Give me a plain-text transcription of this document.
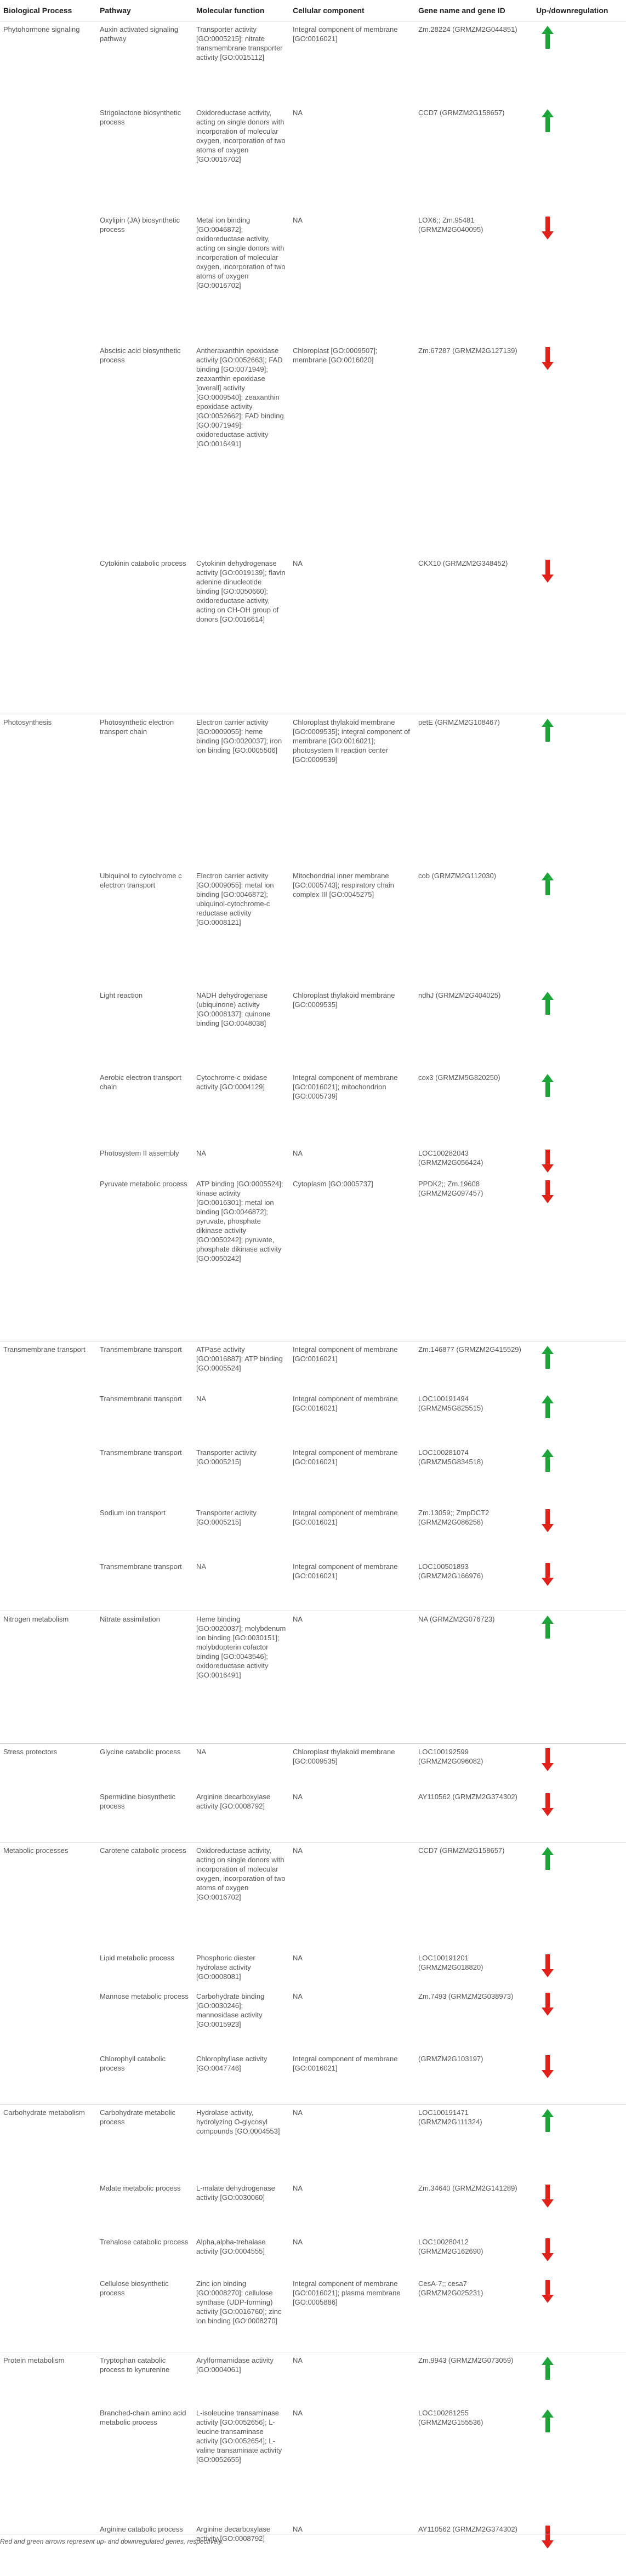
Biological Process	Pathway	Molecular function	Cellular component	Gene name and gene ID	Up-/downregulation
Phytohormone signaling	Auxin activated signaling pathway	Transporter activity [GO:0005215]; nitrate transmembrane transporter activity [GO:0015112]	Integral component of membrane [GO:0016021]	Zm.28224 (GRMZM2G044851)	

	Strigolactone biosynthetic process	Oxidoreductase activity, acting on single donors with incorporation of molecular oxygen, incorporation of two atoms of oxygen [GO:0016702]	NA	CCD7 (GRMZM2G158657)	

	Oxylipin (JA) biosynthetic process	Metal ion binding [GO:0046872]; oxidoreductase activity, acting on single donors with incorporation of molecular oxygen, incorporation of two atoms of oxygen [GO:0016702]	NA	LOX6;; Zm.95481 (GRMZM2G040095)	

	Abscisic acid biosynthetic process	Antheraxanthin epoxidase activity [GO:0052663]; FAD binding [GO:0071949]; zeaxanthin epoxidase [overall] activity [GO:0009540]; zeaxanthin epoxidase activity [GO:0052662]; FAD binding [GO:0071949]; oxidoreductase activity [GO:0016491]	Chloroplast [GO:0009507]; membrane [GO:0016020]	Zm.67287 (GRMZM2G127139)	

	Cytokinin catabolic process	Cytokinin dehydrogenase activity [GO:0019139]; flavin adenine dinucleotide binding [GO:0050660]; oxidoreductase activity, acting on CH-OH group of donors [GO:0016614]	NA	CKX10 (GRMZM2G348452)	

Photosynthesis	Photosynthetic electron transport chain	Electron carrier activity [GO:0009055]; heme binding [GO:0020037]; iron ion binding [GO:0005506]	Chloroplast thylakoid membrane [GO:0009535]; integral component of membrane [GO:0016021]; photosystem II reaction center [GO:0009539]	petE (GRMZM2G108467)	

	Ubiquinol to cytochrome c electron transport	Electron carrier activity [GO:0009055]; metal ion binding [GO:0046872]; ubiquinol-cytochrome-c reductase activity [GO:0008121]	Mitochondrial inner membrane [GO:0005743]; respiratory chain complex III [GO:0045275]	cob (GRMZM2G112030)	

	Light reaction	NADH dehydrogenase (ubiquinone) activity [GO:0008137]; quinone binding [GO:0048038]	Chloroplast thylakoid membrane [GO:0009535]	ndhJ (GRMZM2G404025)	

	Aerobic electron transport chain	Cytochrome-c oxidase activity [GO:0004129]	Integral component of membrane [GO:0016021]; mitochondrion [GO:0005739]	cox3 (GRMZM5G820250)	

	Photosystem II assembly	NA	NA	LOC100282043 (GRMZM2G056424)	

	Pyruvate metabolic process	ATP binding [GO:0005524]; kinase activity [GO:0016301]; metal ion binding [GO:0046872]; pyruvate, phosphate dikinase activity [GO:0050242]; pyruvate, phosphate dikinase activity [GO:0050242]	Cytoplasm [GO:0005737]	PPDK2;; Zm.19608 (GRMZM2G097457)	

Transmembrane transport	Transmembrane transport	ATPase activity [GO:0016887]; ATP binding [GO:0005524]	Integral component of membrane [GO:0016021]	Zm.146877 (GRMZM2G415529)	

	Transmembrane transport	NA	Integral component of membrane [GO:0016021]	LOC100191494 (GRMZM5G825515)	

	Transmembrane transport	Transporter activity [GO:0005215]	Integral component of membrane [GO:0016021]	LOC100281074 (GRMZM5G834518)	

	Sodium ion transport	Transporter activity [GO:0005215]	Integral component of membrane [GO:0016021]	Zm.13059;; ZmpDCT2 (GRMZM2G086258)	

	Transmembrane transport	NA	Integral component of membrane [GO:0016021]	LOC100501893 (GRMZM2G166976)	

Nitrogen metabolism	Nitrate assimilation	Heme binding [GO:0020037]; molybdenum ion binding [GO:0030151]; molybdopterin cofactor binding [GO:0043546]; oxidoreductase activity [GO:0016491]	NA	NA (GRMZM2G076723)	

Stress protectors	Glycine catabolic process	NA	Chloroplast thylakoid membrane [GO:0009535]	LOC100192599 (GRMZM2G096082)	

	Spermidine biosynthetic process	Arginine decarboxylase activity [GO:0008792]	NA	AY110562 (GRMZM2G374302)	

Metabolic processes	Carotene catabolic process	Oxidoreductase activity, acting on single donors with incorporation of molecular oxygen, incorporation of two atoms of oxygen [GO:0016702]	NA	CCD7 (GRMZM2G158657)	

	Lipid metabolic process	Phosphoric diester hydrolase activity [GO:0008081]	NA	LOC100191201 (GRMZM2G018820)	

	Mannose metabolic process	Carbohydrate binding [GO:0030246]; mannosidase activity [GO:0015923]	NA	Zm.7493 (GRMZM2G038973)	

	Chlorophyll catabolic process	Chlorophyllase activity [GO:0047746]	Integral component of membrane [GO:0016021]	(GRMZM2G103197)	

Carbohydrate metabolism	Carbohydrate metabolic process	Hydrolase activity, hydrolyzing O-glycosyl compounds [GO:0004553]	NA	LOC100191471 (GRMZM2G111324)	

	Malate metabolic process	L-malate dehydrogenase activity [GO:0030060]	NA	Zm.34640 (GRMZM2G141289)	

	Trehalose catabolic process	Alpha,alpha-trehalase activity [GO:0004555]	NA	LOC100280412 (GRMZM2G162690)	

	Cellulose biosynthetic process	Zinc ion binding [GO:0008270]; cellulose synthase (UDP-forming) activity [GO:0016760]; zinc ion binding [GO:0008270]	Integral component of membrane [GO:0016021]; plasma membrane [GO:0005886]	CesA-7;; cesa7 (GRMZM2G025231)	

Protein metabolism	Tryptophan catabolic process to kynurenine	Arylformamidase activity [GO:0004061]	NA	Zm.9943 (GRMZM2G073059)	

	Branched-chain amino acid metabolic process	L-isoleucine transaminase activity [GO:0052656]; L-leucine transaminase activity [GO:0052654]; L-valine transaminate activity [GO:0052655]	NA	LOC100281255 (GRMZM2G155536)	

	Arginine catabolic process	Arginine decarboxylase activity [GO:0008792]	NA	AY110562 (GRMZM2G374302)	
Red and green arrows represent up- and downregulated genes, respectively.
